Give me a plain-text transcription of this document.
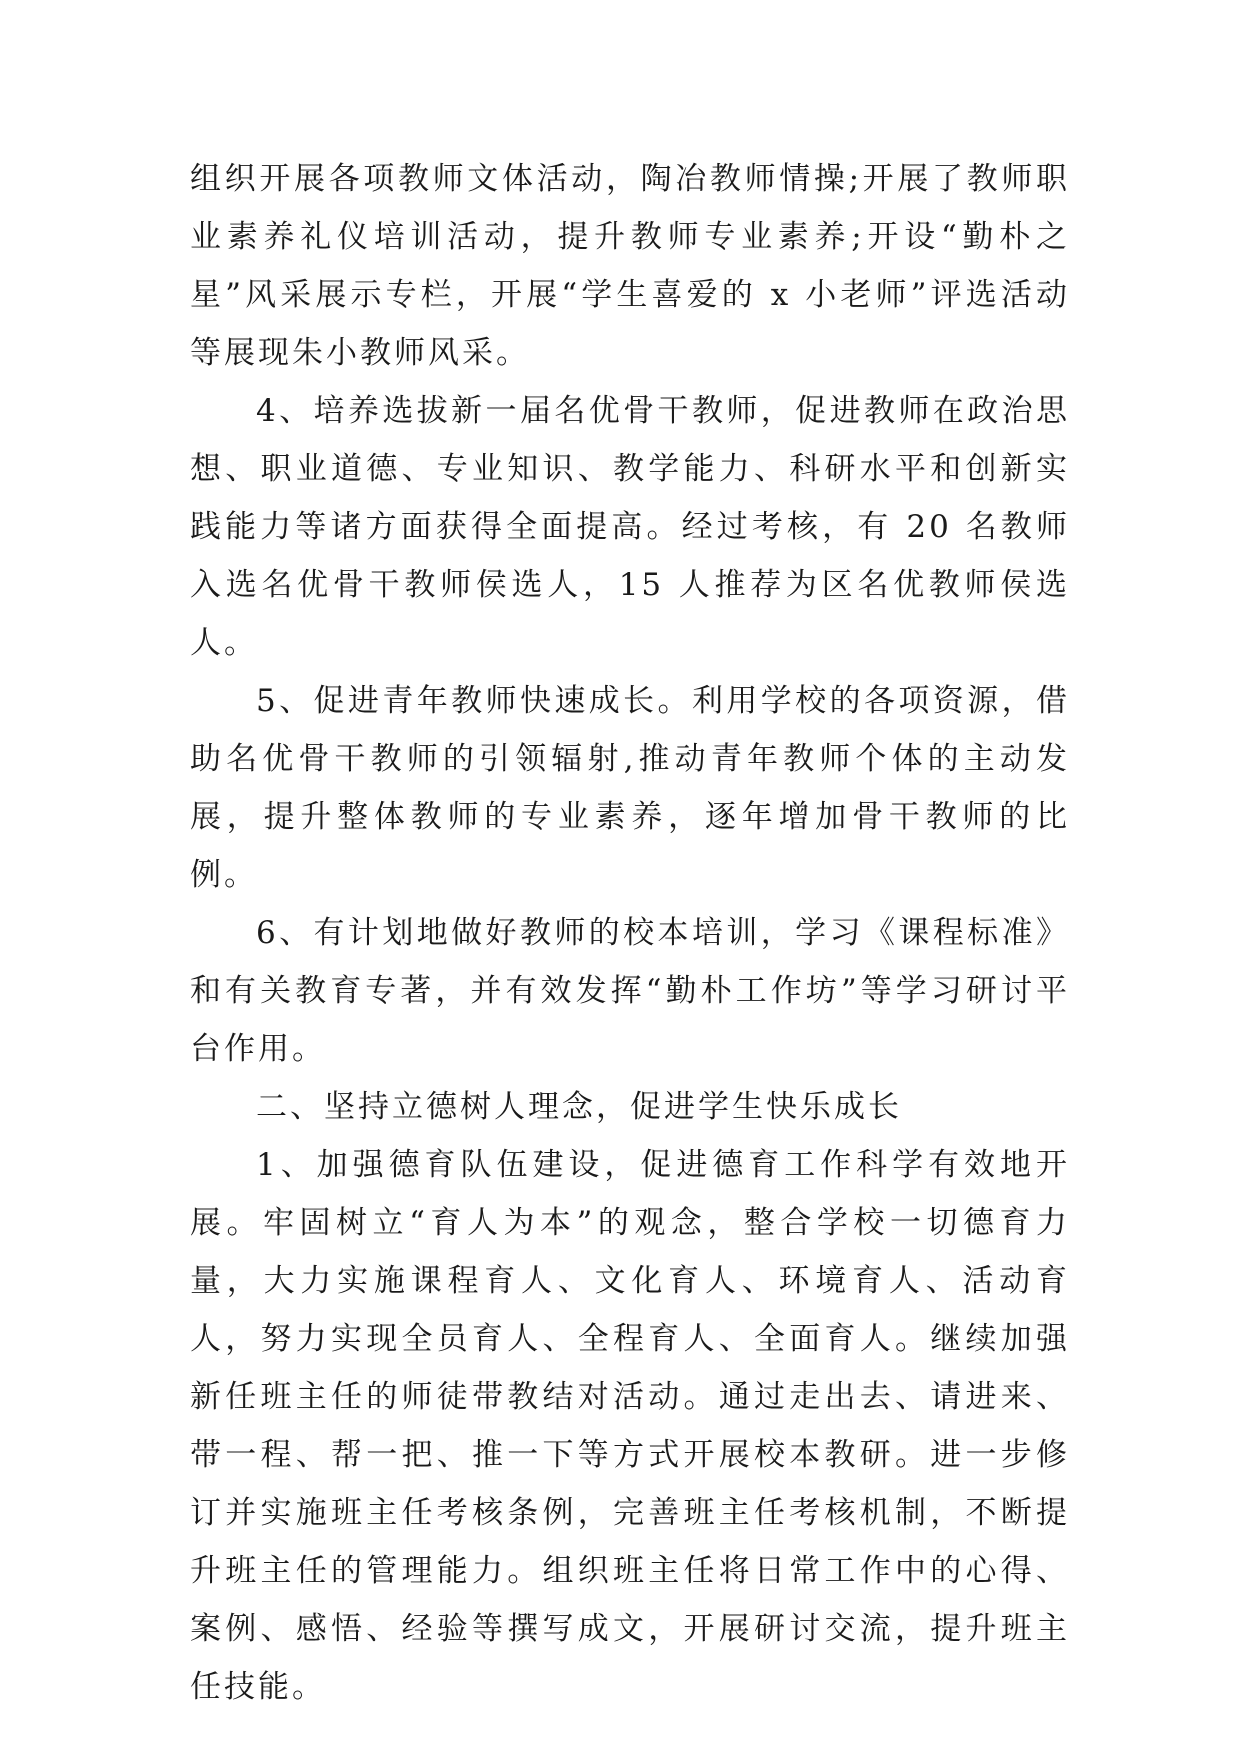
组织开展各项教师文体活动，陶冶教师情操;开展了教师职业素养礼仪培训活动，提升教师专业素养;开设“勤朴之星”风采展示专栏，开展“学生喜爱的 x 小老师”评选活动等展现朱小教师风采。

4、培养选拔新一届名优骨干教师，促进教师在政治思想、职业道德、专业知识、教学能力、科研水平和创新实践能力等诸方面获得全面提高。经过考核，有 20 名教师入选名优骨干教师侯选人，15 人推荐为区名优教师侯选人。

5、促进青年教师快速成长。利用学校的各项资源，借助名优骨干教师的引领辐射,推动青年教师个体的主动发展，提升整体教师的专业素养，逐年增加骨干教师的比例。

6、有计划地做好教师的校本培训，学习《课程标准》和有关教育专著，并有效发挥“勤朴工作坊”等学习研讨平台作用。

二、坚持立德树人理念，促进学生快乐成长

1、加强德育队伍建设，促进德育工作科学有效地开展。牢固树立“育人为本”的观念，整合学校一切德育力量，大力实施课程育人、文化育人、环境育人、活动育人，努力实现全员育人、全程育人、全面育人。继续加强新任班主任的师徒带教结对活动。通过走出去、请进来、带一程、帮一把、推一下等方式开展校本教研。进一步修订并实施班主任考核条例，完善班主任考核机制，不断提升班主任的管理能力。组织班主任将日常工作中的心得、案例、感悟、经验等撰写成文，开展研讨交流，提升班主任技能。
